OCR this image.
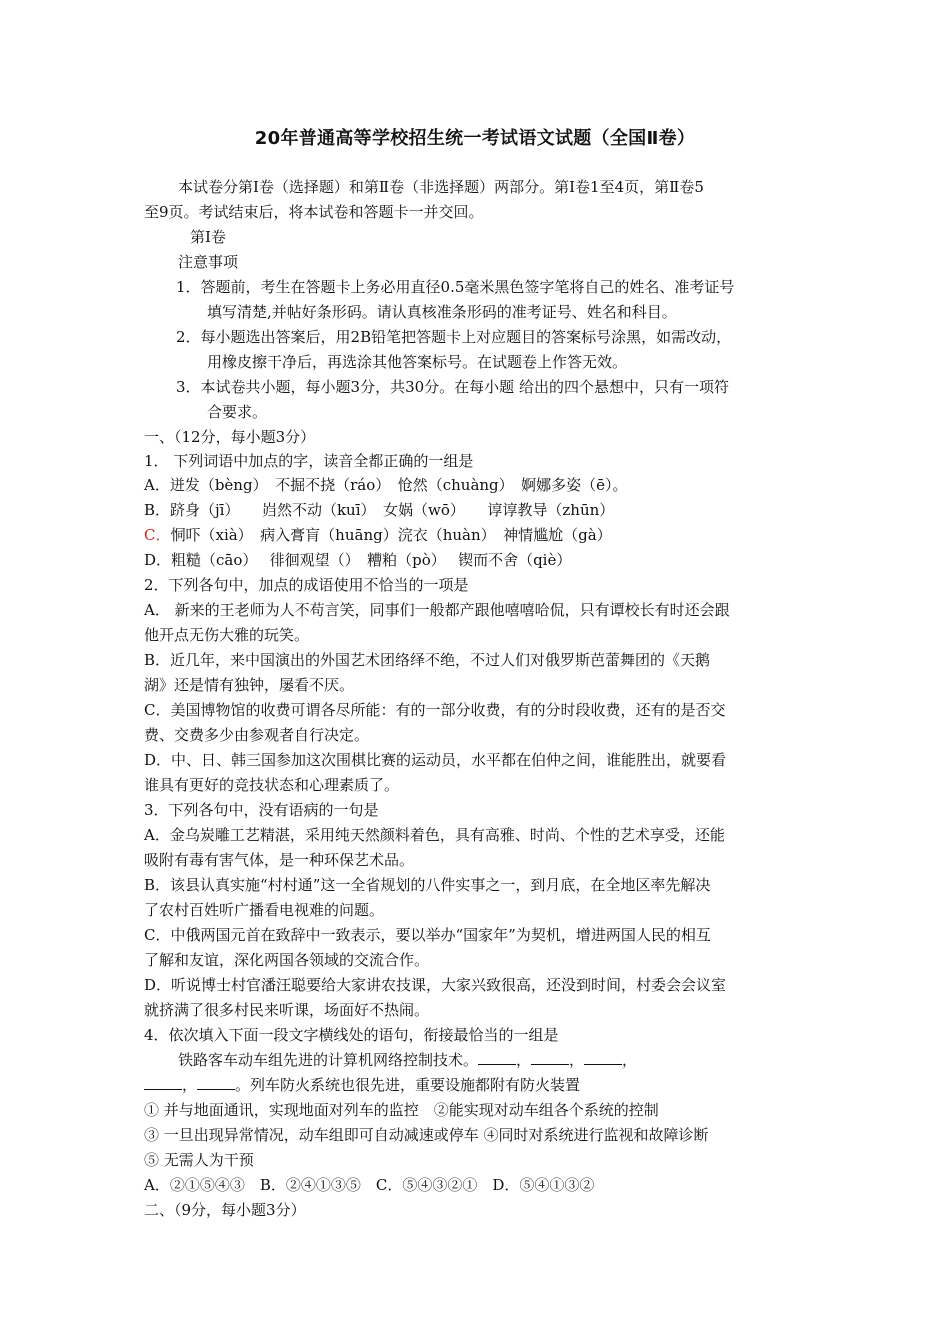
20年普通高等学校招生统一考试语文试题（全国Ⅱ卷）
本试卷分第Ⅰ卷（选择题）和第Ⅱ卷（非选择题）两部分。第Ⅰ卷1至4页，第Ⅱ卷5
至9页。考试结束后，将本试卷和答题卡一并交回。
第Ⅰ卷
注意事项
1．答题前，考生在答题卡上务必用直径0.5毫米黑色签字笔将自己的姓名、准考证号
填写清楚,并帖好条形码。请认真核准条形码的准考证号、姓名和科目。
2．每小题选出答案后，用2B铅笔把答题卡上对应题目的答案标号涂黑，如需改动，
用橡皮擦干净后，再选涂其他答案标号。在试题卷上作答无效。
3．本试卷共小题，每小题3分，共30分。在每小题 给出的四个悬想中，只有一项符
合要求。
一、（12分，每小题3分）
1． 下列词语中加点的字，读音全都正确的一组是
A．迸发（bèng）　不掘不挠（ráo）　怆然（chuàng）　婀娜多姿（ē）。
B．跻身（jī）　　岿然不动（kuī）　女娲（wō）　　谆谆教导（zhūn）
C．恫吓（xià）　病入膏肓（huāng）浣衣（huàn）　神情尴尬（gà）
D．粗糙（cāo）　 徘徊观望（）　糟粕（pò）　 锲而不舍（qiè）
2．下列各句中，加点的成语使用不恰当的一项是
A． 新来的王老师为人不苟言笑，同事们一般都产跟他嘻嘻哈侃，只有谭校长有时还会跟
他开点无伤大雅的玩笑。
B．近几年，来中国演出的外国艺术团络绎不绝，不过人们对俄罗斯芭蕾舞团的《天鹅
湖》还是情有独钟，屡看不厌。
C．美国博物馆的收费可谓各尽所能：有的一部分收费，有的分时段收费，还有的是否交
费、交费多少由参观者自行决定。
D．中、日、韩三国参加这次围棋比赛的运动员，水平都在伯仲之间，谁能胜出，就要看
谁具有更好的竞技状态和心理素质了。
3．下列各句中，没有语病的一句是
A．金乌炭雕工艺精湛，采用纯天然颜料着色，具有高雅、时尚、个性的艺术享受，还能
吸附有毒有害气体，是一种环保艺术品。
B．该县认真实施“村村通”这一全省规划的八件实事之一，到月底，在全地区率先解决
了农村百姓听广播看电视难的问题。
C．中俄两国元首在致辞中一致表示，要以举办“国家年”为契机，增进两国人民的相互
了解和友谊，深化两国各领域的交流合作。
D．听说博士村官潘汪聪要给大家讲农技课，大家兴致很高，还没到时间，村委会会议室
就挤满了很多村民来听课，场面好不热闹。
4．依次填入下面一段文字横线处的语句，衔接最恰当的一组是
铁路客车动车组先进的计算机网络控制技术。	，	，	，
，	。列车防火系统也很先进，重要设施都附有防火装置
① 并与地面通讯，实现地面对列车的监控　②能实现对动车组各个系统的控制
③ 一旦出现异常情况，动车组即可自动减速或停车 ④同时对系统进行监视和故障诊断
⑤ 无需人为干预
A．②①⑤④③　B．②④①③⑤　C．⑤④③②①　D．⑤④①③②
二、（9分，每小题3分）
